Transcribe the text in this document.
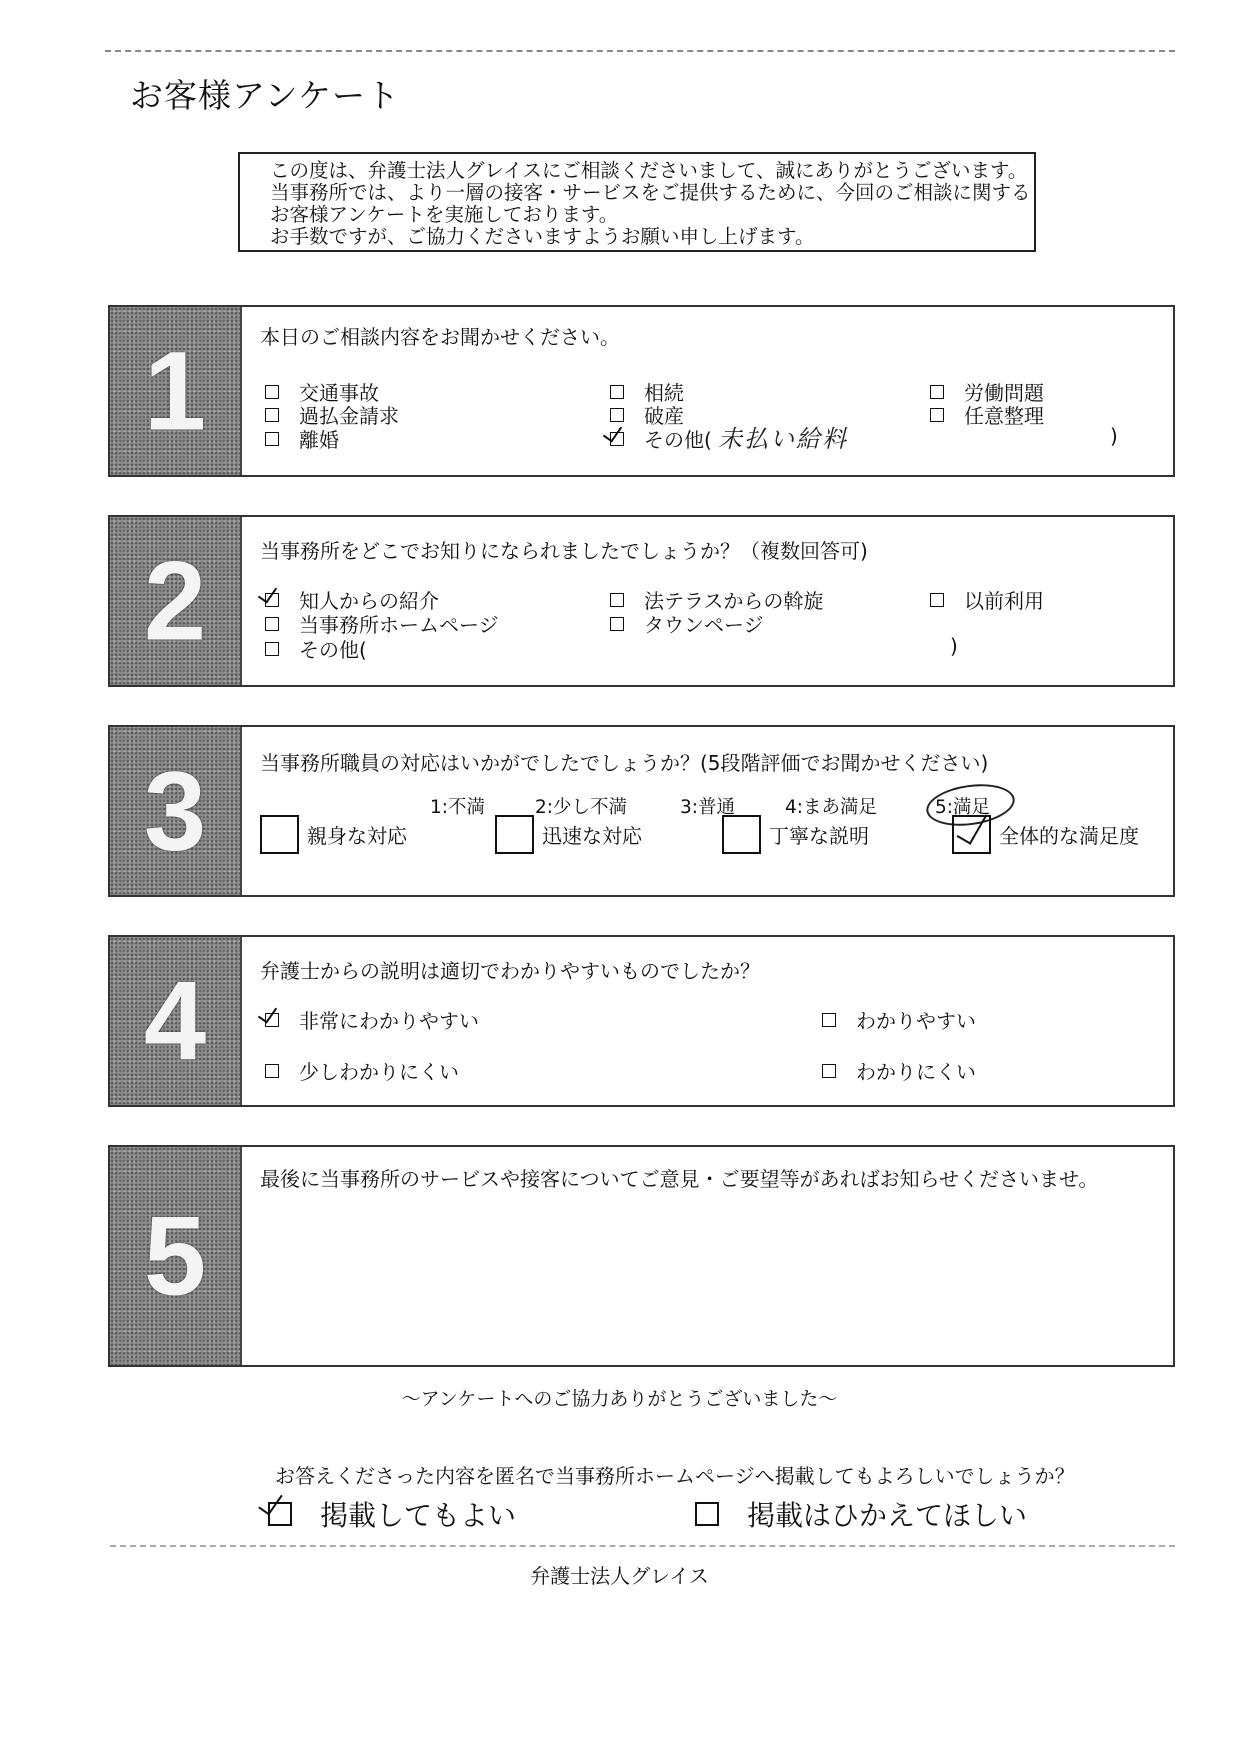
お客様アンケート
この度は、弁護士法人グレイスにご相談くださいまして、誠にありがとうございます。
当事務所では、より一層の接客・サービスをご提供するために、今回のご相談に関する
お客様アンケートを実施しております。
お手数ですが、ご協力くださいますようお願い申し上げます。
1	本日のご相談内容をお聞かせください。
交通事故
過払金請求
離婚
相続
破産
その他( 未払い給料	)
労働問題
任意整理
2	当事務所をどこでお知りになられましたでしょうか？（複数回答可)
知人からの紹介
当事務所ホームページ
その他(	)
法テラスからの斡旋
タウンページ
以前利用
3	当事務所職員の対応はいかがでしたでしょうか？(5段階評価でお聞かせください)
1:不満	2:少し不満	3:普通	4:まあ満足	5:満足
親身な対応	迅速な対応	丁寧な説明	全体的な満足度
4	弁護士からの説明は適切でわかりやすいものでしたか？
非常にわかりやすい	わかりやすい
少しわかりにくい	わかりにくい
5
最後に当事務所のサービスや接客についてご意見・ご要望等があればお知らせくださいませ。
～アンケートへのご協力ありがとうございました～
お答えくださった内容を匿名で当事務所ホームページへ掲載してもよろしいでしょうか？
掲載してもよい	掲載はひかえてほしい
弁護士法人グレイス
